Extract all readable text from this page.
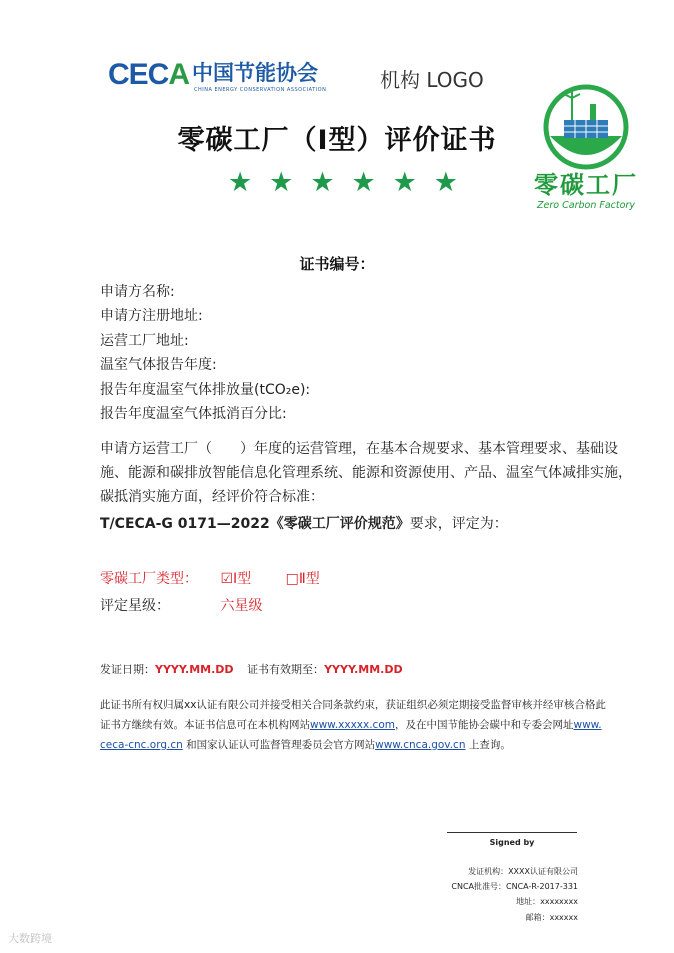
CECA 中国节能协会
CHINA ENERGY CONSERVATION ASSOCIATION	机构 LOGO
零碳工厂
Zero Carbon Factory
零碳工厂（Ⅰ型）评价证书
★ ★ ★ ★ ★ ★
证书编号：
申请方名称:
申请方注册地址:
运营工厂地址:
温室气体报告年度:
报告年度温室气体排放量(tCO₂e):
报告年度温室气体抵消百分比:
申请方运营工厂（　　）年度的运营管理，在基本合规要求、基本管理要求、基础设
施、能源和碳排放智能信息化管理系统、能源和资源使用、产品、温室气体减排实施，
碳抵消实施方面，经评价符合标准：
T/CECA-G 0171—2022《零碳工厂评价规范》要求，评定为：
零碳工厂类型： ☑Ⅰ型 □Ⅱ型
评定星级：	六星级
发证日期：YYYY.MM.DD 证书有效期至：YYYY.MM.DD
此证书所有权归属xx认证有限公司并接受相关合同条款约束，获证组织必须定期接受监督审核并经审核合格此
证书方继续有效。本证书信息可在本机构网站www.xxxxx.com，及在中国节能协会碳中和专委会网址www.
ceca-cnc.org.cn 和国家认证认可监督管理委员会官方网站www.cnca.gov.cn 上查询。
Signed by
发证机构：XXXX认证有限公司
CNCA批准号：CNCA-R-2017-331
地址：xxxxxxxx
邮箱：xxxxxx
大数跨境
